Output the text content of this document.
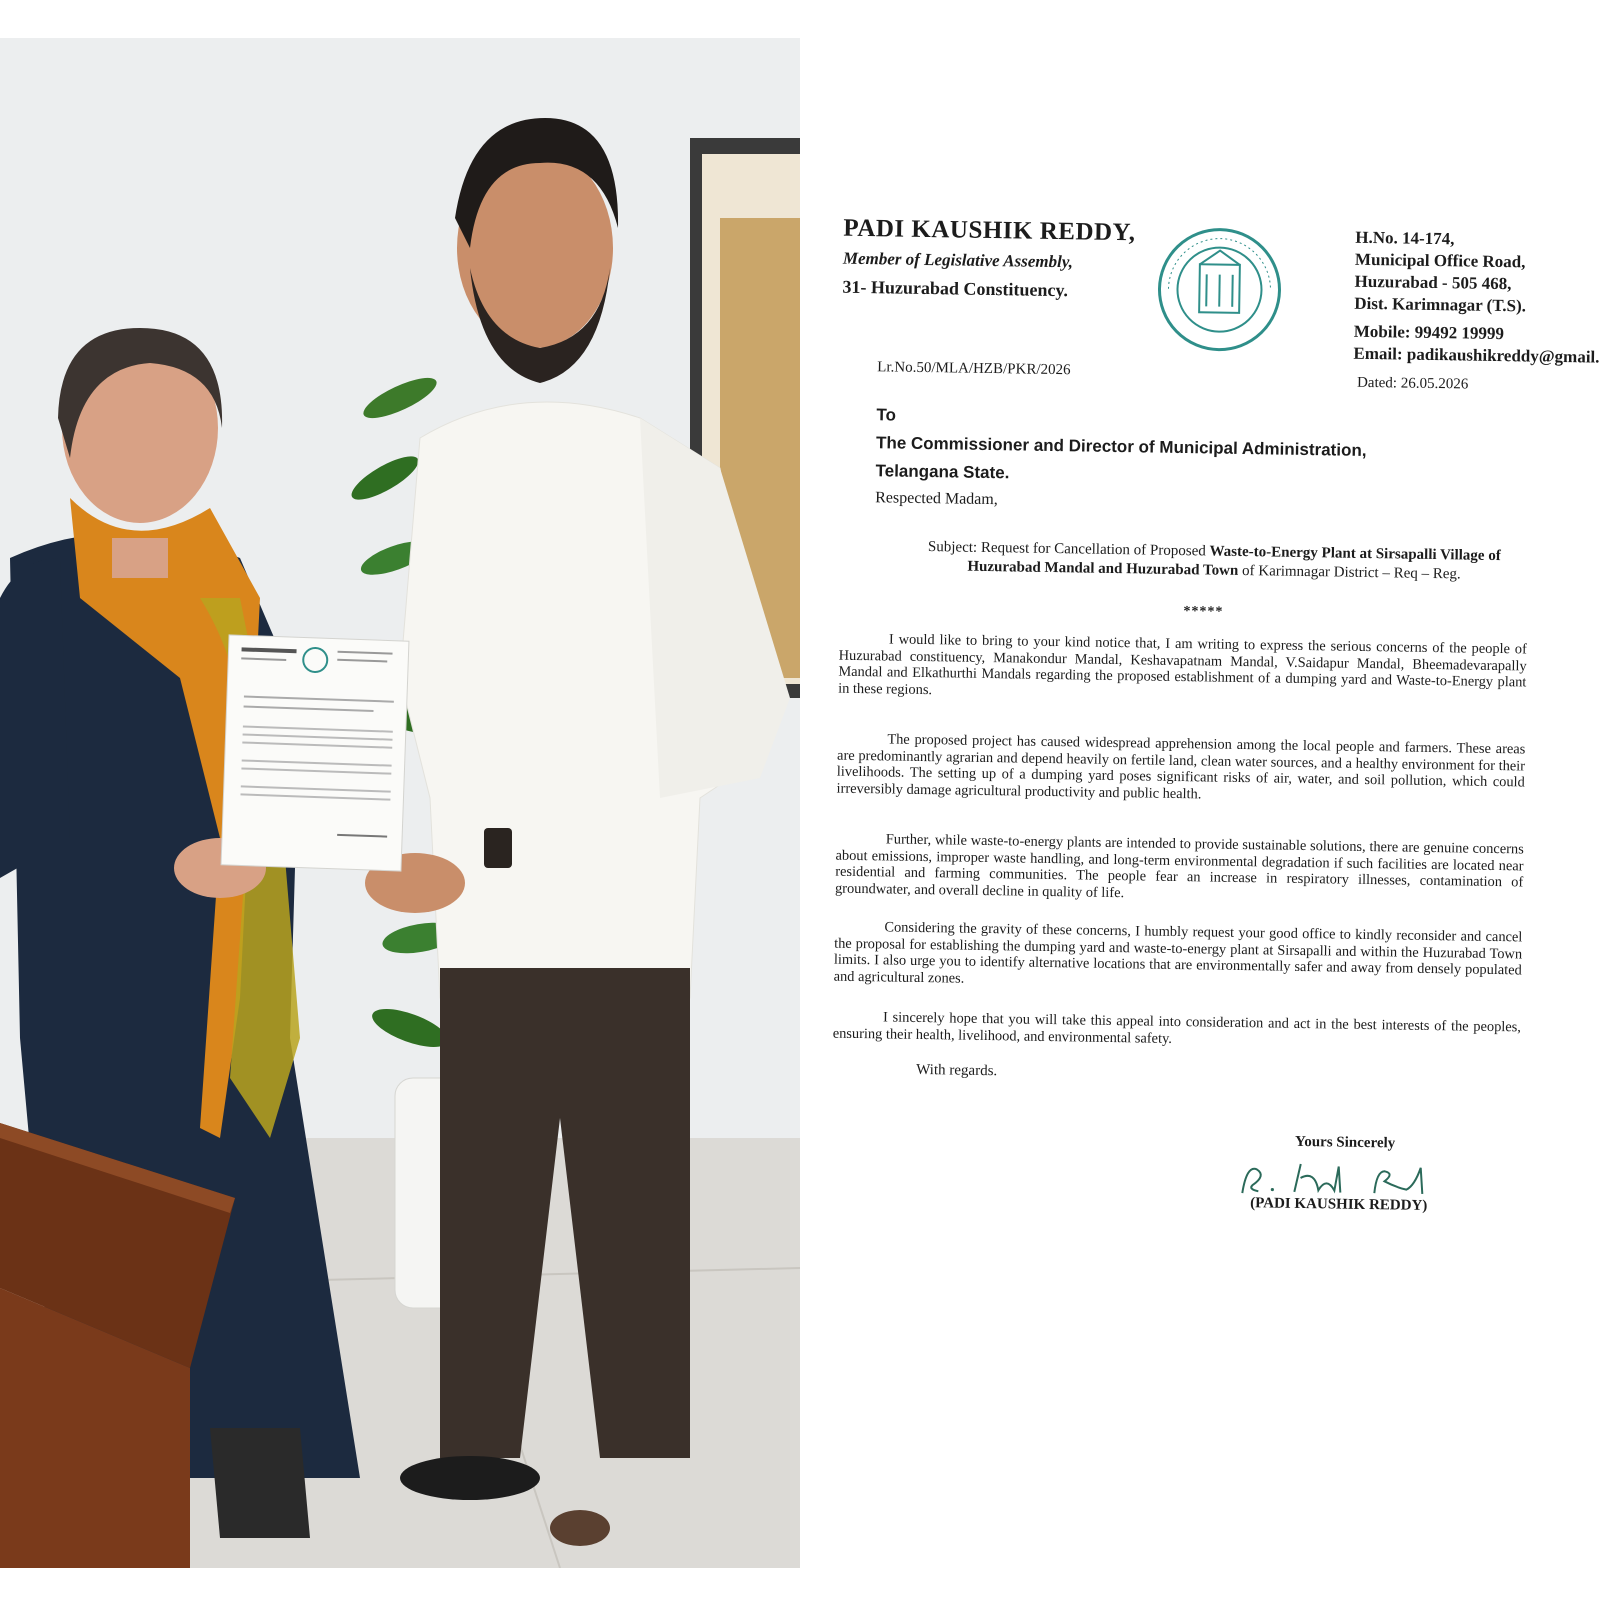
PADI KAUSHIK REDDY,
Member of Legislative Assembly,
31- Huzurabad Constituency.
H.No. 14-174,
Municipal Office Road,
Huzurabad - 505 468,
Dist. Karimnagar (T.S).
Mobile: 99492 19999
Email: padikaushikreddy@gmail.
Lr.No.50/MLA/HZB/PKR/2026
Dated: 26.05.2026
To
The Commissioner and Director of Municipal Administration,
Telangana State.
Respected Madam,
Subject: Request for Cancellation of Proposed Waste-to-Energy Plant at Sirsapalli Village of Huzurabad Mandal and Huzurabad Town of Karimnagar District – Req – Reg.
*****
I would like to bring to your kind notice that, I am writing to express the serious concerns of the people of Huzurabad constituency, Manakondur Mandal, Keshavapatnam Mandal, V.Saidapur Mandal, Bheemadevarapally Mandal and Elkathurthi Mandals regarding the proposed establishment of a dumping yard and Waste-to-Energy plant in these regions.
The proposed project has caused widespread apprehension among the local people and farmers. These areas are predominantly agrarian and depend heavily on fertile land, clean water sources, and a healthy environment for their livelihoods. The setting up of a dumping yard poses significant risks of air, water, and soil pollution, which could irreversibly damage agricultural productivity and public health.
Further, while waste-to-energy plants are intended to provide sustainable solutions, there are genuine concerns about emissions, improper waste handling, and long-term environmental degradation if such facilities are located near residential and farming communities. The people fear an increase in respiratory illnesses, contamination of groundwater, and overall decline in quality of life.
Considering the gravity of these concerns, I humbly request your good office to kindly reconsider and cancel the proposal for establishing the dumping yard and waste-to-energy plant at Sirsapalli and within the Huzurabad Town limits. I also urge you to identify alternative locations that are environmentally safer and away from densely populated and agricultural zones.
I sincerely hope that you will take this appeal into consideration and act in the best interests of the peoples, ensuring their health, livelihood, and environmental safety.
With regards.
Yours Sincerely
(PADI KAUSHIK REDDY)
